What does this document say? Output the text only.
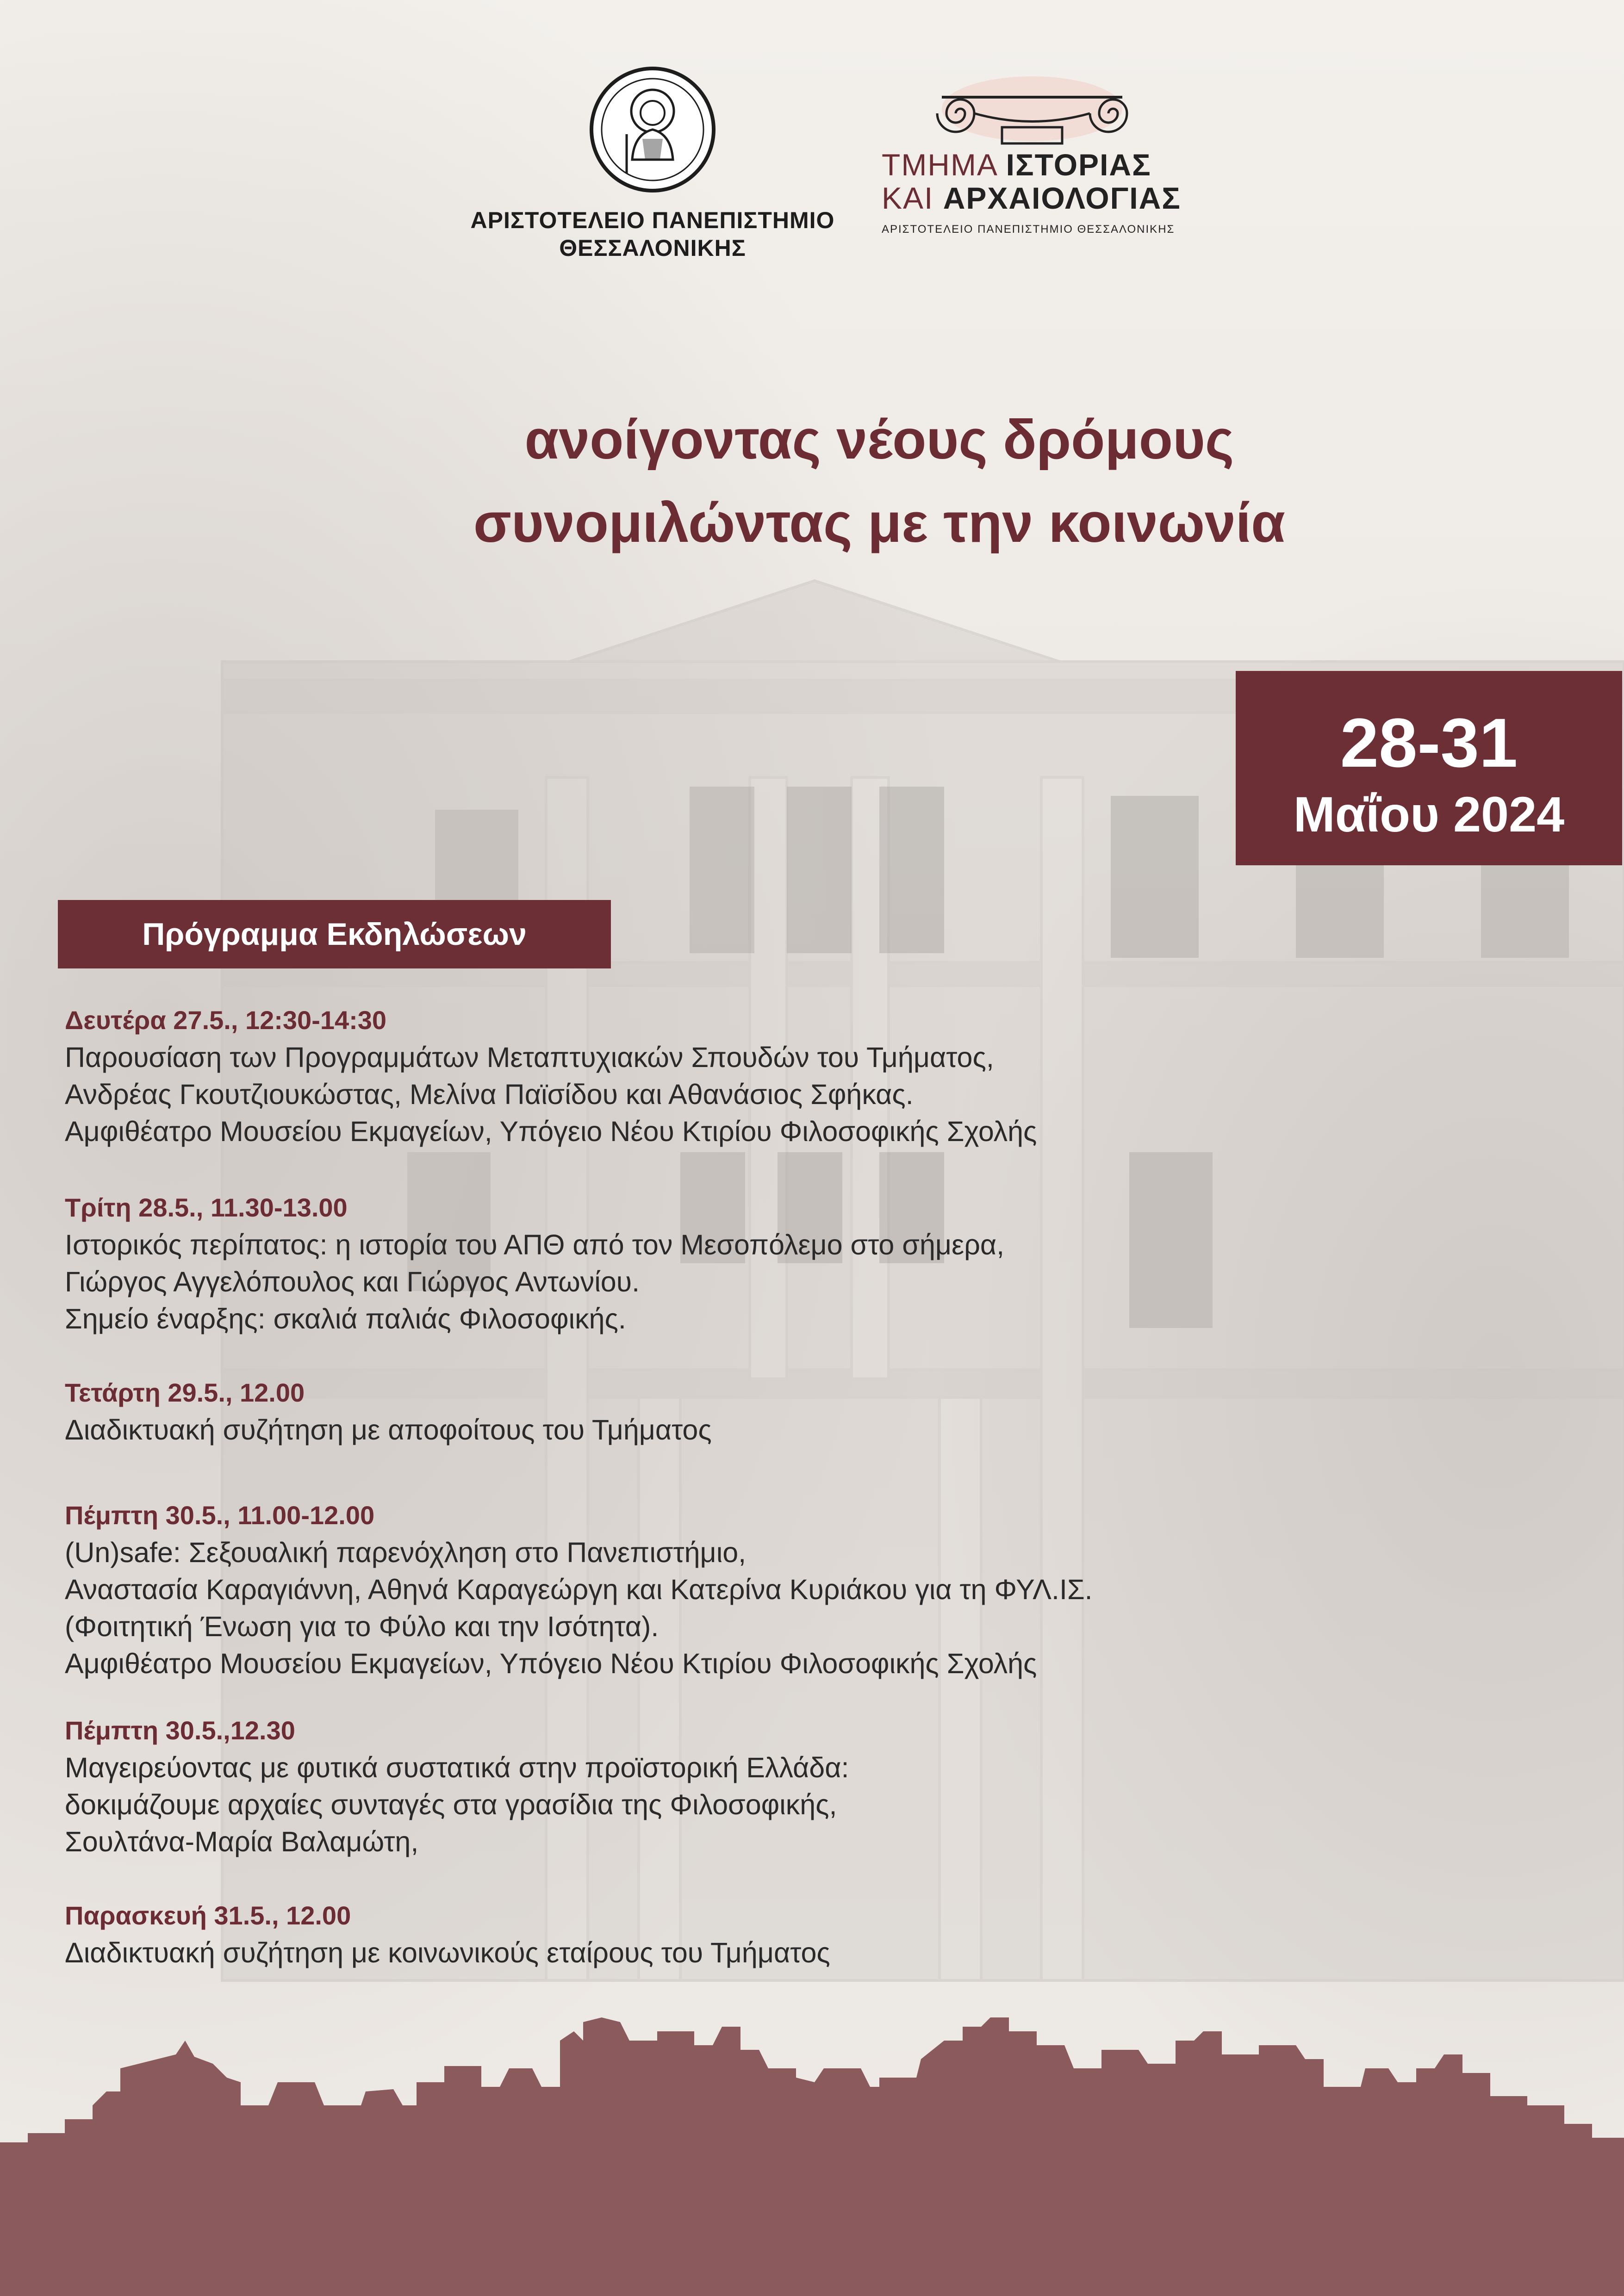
ΑΡΙΣΤΟΤΕΛΕΙΟ ΠΑΝΕΠΙΣΤΗΜΙΟ
ΘΕΣΣΑΛΟΝΙΚΗΣ
ΤΜΗΜΑ ΙΣΤΟΡΙΑΣ
ΚΑΙ ΑΡΧΑΙΟΛΟΓΙΑΣ
ΑΡΙΣΤΟΤΕΛΕΙΟ ΠΑΝΕΠΙΣΤΗΜΙΟ ΘΕΣΣΑΛΟΝΙΚΗΣ
ανοίγοντας νέους δρόμους
συνομιλώντας με την κοινωνία
28-31
Μαΐου 2024
Πρόγραμμα Εκδηλώσεων
Δευτέρα 27.5., 12:30-14:30
Παρουσίαση των Προγραμμάτων Μεταπτυχιακών Σπουδών του Τμήματος,
Ανδρέας Γκουτζιουκώστας, Μελίνα Παϊσίδου και Αθανάσιος Σφήκας.
Αμφιθέατρο Μουσείου Εκμαγείων, Υπόγειο Νέου Κτιρίου Φιλοσοφικής Σχολής
Τρίτη 28.5., 11.30-13.00
Ιστορικός περίπατος: η ιστορία του ΑΠΘ από τον Μεσοπόλεμο στο σήμερα,
Γιώργος Αγγελόπουλος και Γιώργος Αντωνίου.
Σημείο έναρξης: σκαλιά παλιάς Φιλοσοφικής.
Τετάρτη 29.5., 12.00
Διαδικτυακή συζήτηση με αποφοίτους του Τμήματος
Πέμπτη 30.5., 11.00-12.00
(Un)safe: Σεξουαλική παρενόχληση στο Πανεπιστήμιο,
Αναστασία Καραγιάννη, Αθηνά Καραγεώργη και Κατερίνα Κυριάκου για τη ΦΥΛ.ΙΣ.
(Φοιτητική Ένωση για το Φύλο και την Ισότητα).
Αμφιθέατρο Μουσείου Εκμαγείων, Υπόγειο Νέου Κτιρίου Φιλοσοφικής Σχολής
Πέμπτη 30.5.,12.30
Μαγειρεύοντας με φυτικά συστατικά στην προϊστορική Ελλάδα:
δοκιμάζουμε αρχαίες συνταγές στα γρασίδια της Φιλοσοφικής,
Σουλτάνα-Μαρία Βαλαμώτη,
Παρασκευή 31.5., 12.00
Διαδικτυακή συζήτηση με κοινωνικούς εταίρους του Τμήματος
